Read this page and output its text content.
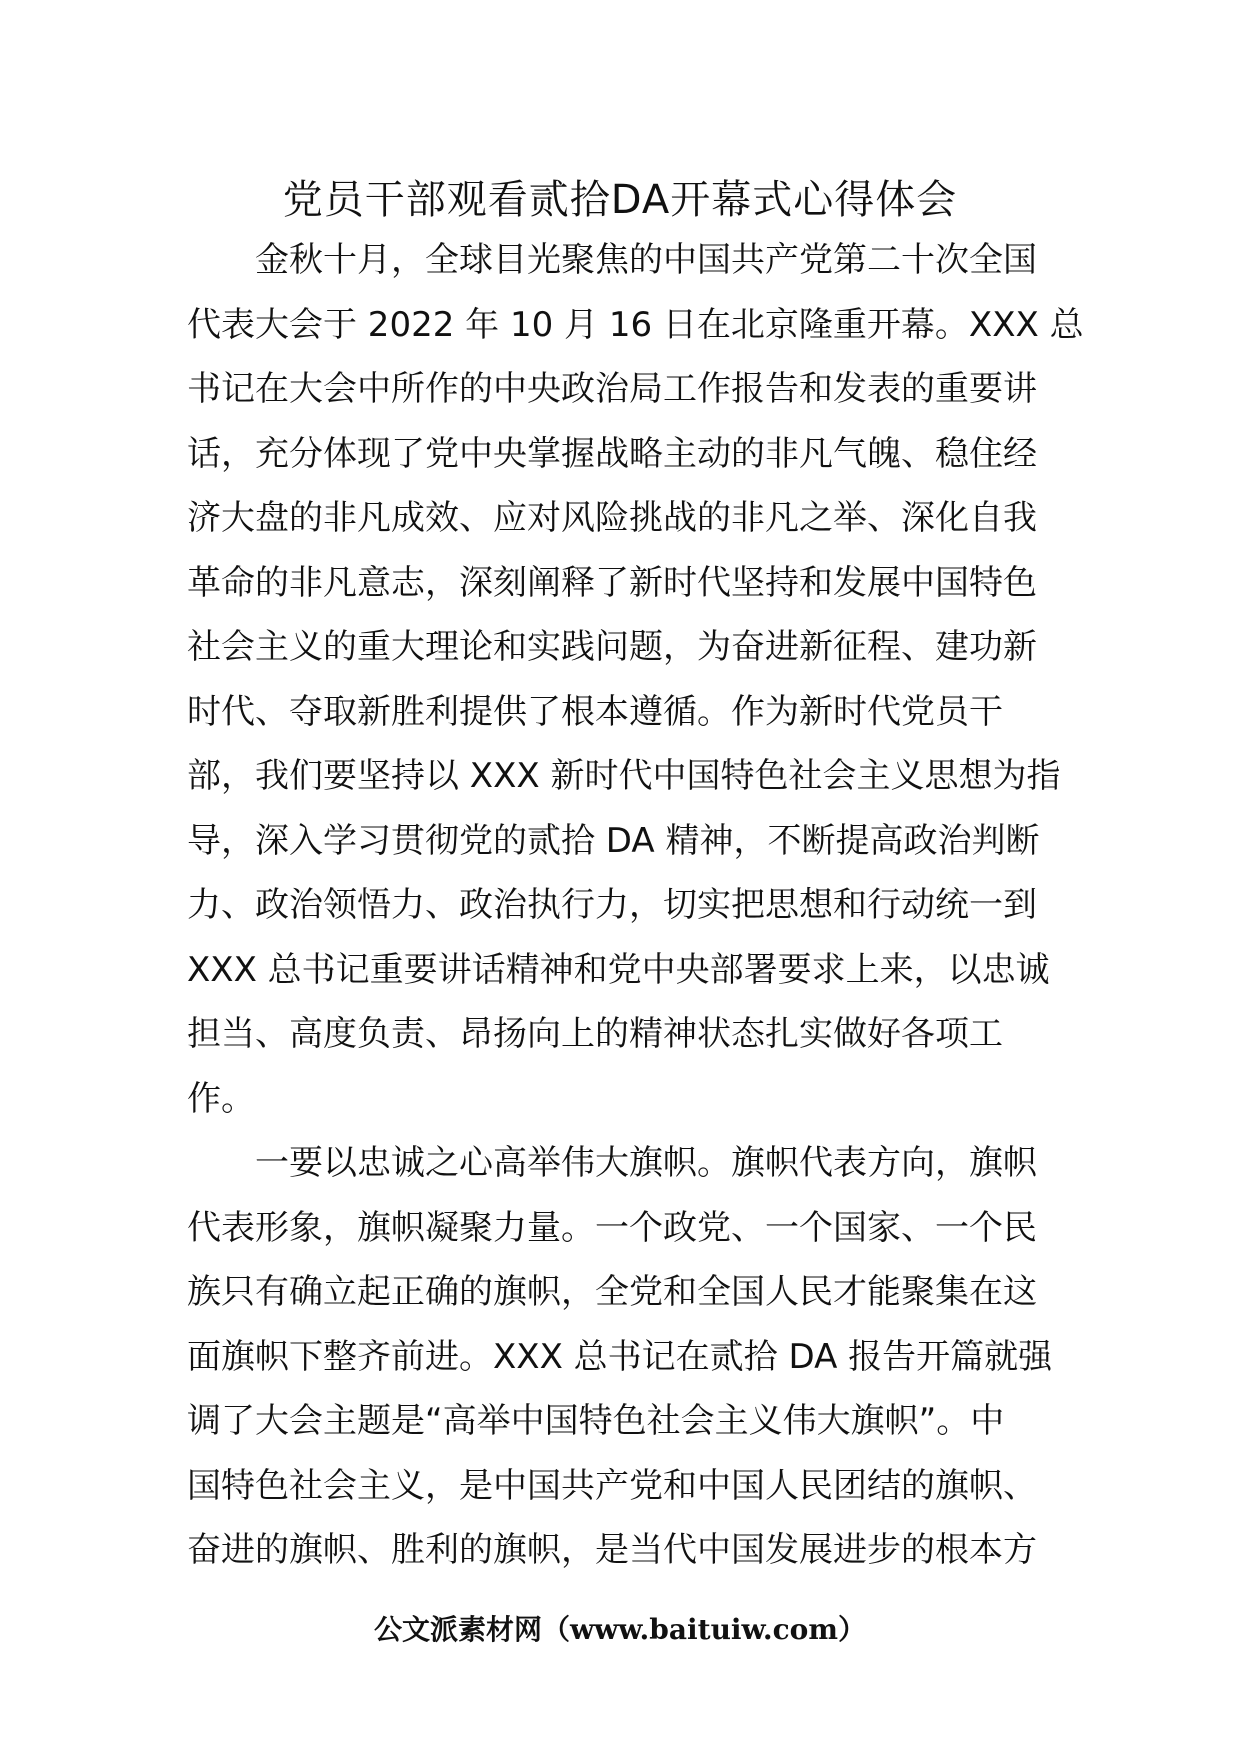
党员干部观看贰拾DA开幕式心得体会
金秋十月，全球目光聚焦的中国共产党第二十次全国
代表大会于 2022 年 10 月 16 日在北京隆重开幕。XXX 总
书记在大会中所作的中央政治局工作报告和发表的重要讲
话，充分体现了党中央掌握战略主动的非凡气魄、稳住经
济大盘的非凡成效、应对风险挑战的非凡之举、深化自我
革命的非凡意志，深刻阐释了新时代坚持和发展中国特色
社会主义的重大理论和实践问题，为奋进新征程、建功新
时代、夺取新胜利提供了根本遵循。作为新时代党员干
部，我们要坚持以 XXX 新时代中国特色社会主义思想为指
导，深入学习贯彻党的贰拾 DA 精神，不断提高政治判断
力、政治领悟力、政治执行力，切实把思想和行动统一到
XXX 总书记重要讲话精神和党中央部署要求上来，以忠诚
担当、高度负责、昂扬向上的精神状态扎实做好各项工
作。
一要以忠诚之心高举伟大旗帜。旗帜代表方向，旗帜
代表形象，旗帜凝聚力量。一个政党、一个国家、一个民
族只有确立起正确的旗帜，全党和全国人民才能聚集在这
面旗帜下整齐前进。XXX 总书记在贰拾 DA 报告开篇就强
调了大会主题是“高举中国特色社会主义伟大旗帜”。中
国特色社会主义，是中国共产党和中国人民团结的旗帜、
奋进的旗帜、胜利的旗帜，是当代中国发展进步的根本方
公文派素材网（www.baituiw.com）
